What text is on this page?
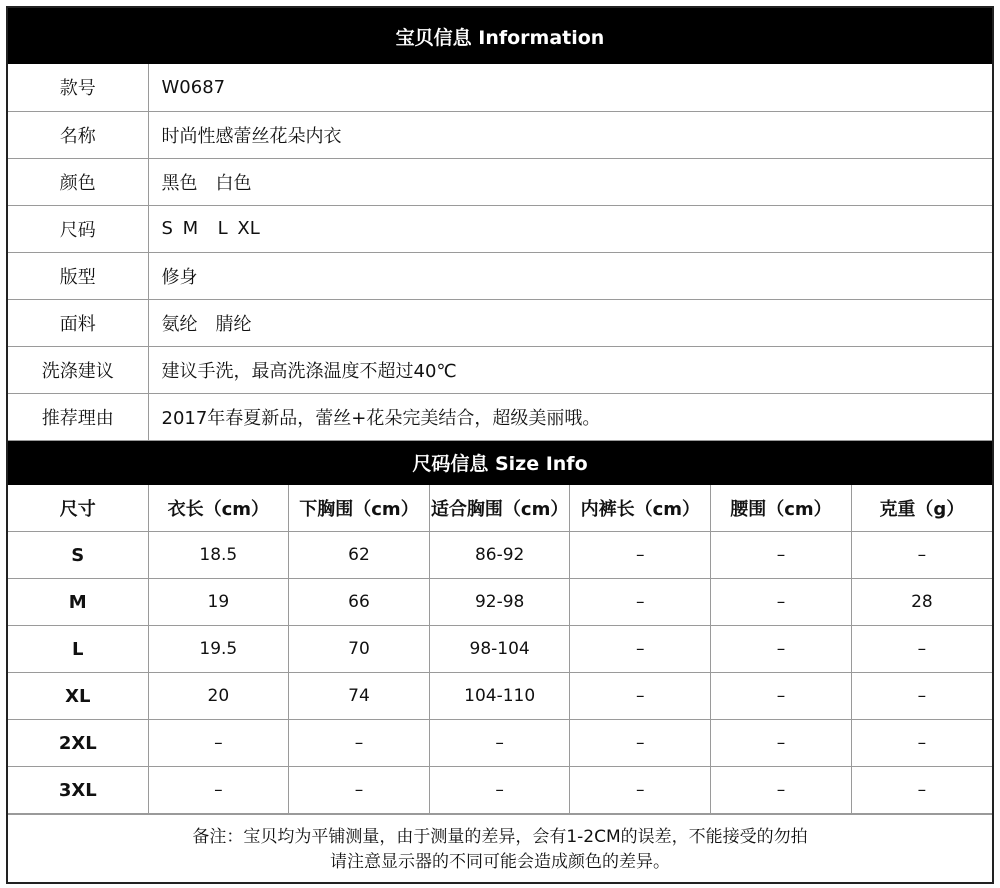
宝贝信息 Information
款号	W0687
名称	时尚性感蕾丝花朵内衣
颜色	黑色　白色
尺码	S M  L XL
版型	修身
面料	氨纶　腈纶
洗涤建议	建议手洗，最高洗涤温度不超过40℃
推荐理由	2017年春夏新品，蕾丝+花朵完美结合，超级美丽哦。
尺码信息 Size Info
尺寸	衣长（cm）	下胸围（cm）	适合胸围（cm）	内裤长（cm）	腰围（cm）	克重（g）
S	18.5	62	86-92	–	–	–
M	19	66	92-98	–	–	28
L	19.5	70	98-104	–	–	–
XL	20	74	104-110	–	–	–
2XL	–	–	–	–	–	–
3XL	–	–	–	–	–	–
备注：宝贝均为平铺测量，由于测量的差异，会有1-2CM的误差，不能接受的勿拍
请注意显示器的不同可能会造成颜色的差异。
